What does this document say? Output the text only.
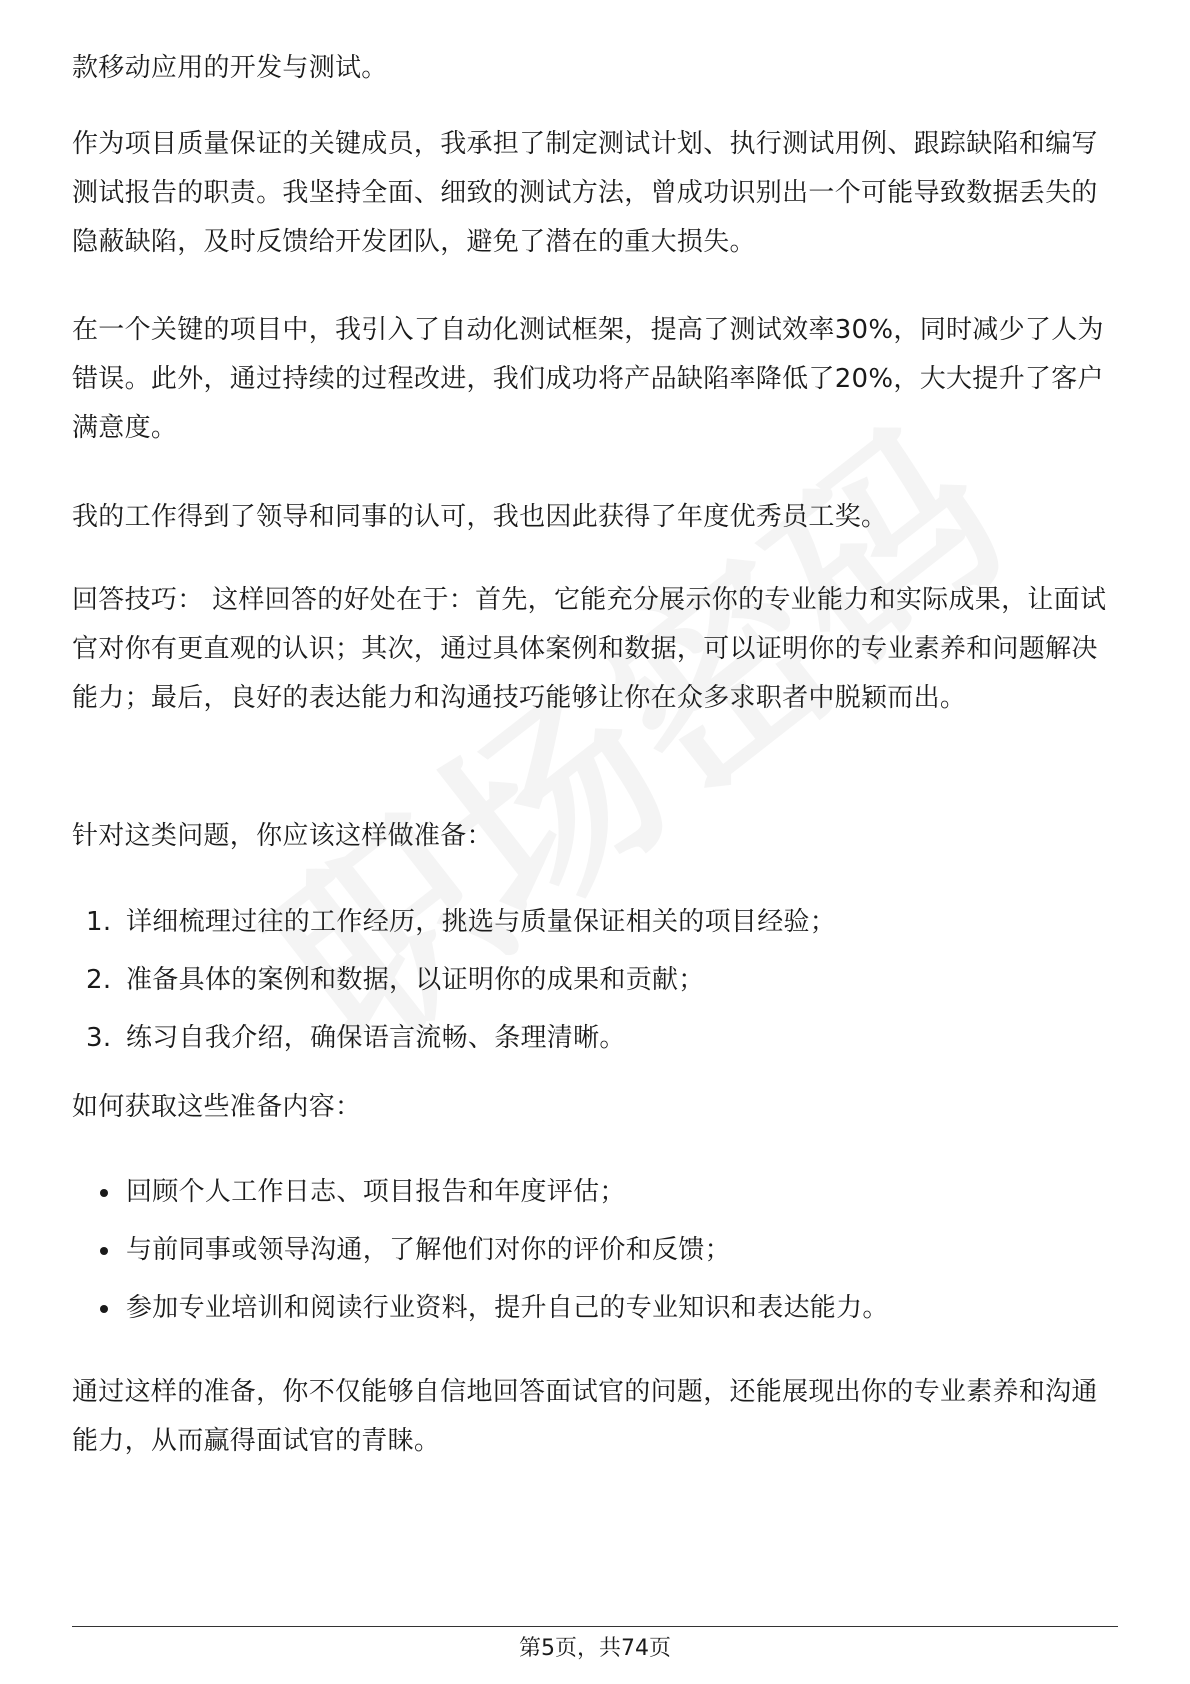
款移动应用的开发与测试。

作为项目质量保证的关键成员，我承担了制定测试计划、执行测试用例、跟踪缺陷和编写测试报告的职责。我坚持全面、细致的测试方法，曾成功识别出一个可能导致数据丢失的隐蔽缺陷，及时反馈给开发团队，避免了潜在的重大损失。

在一个关键的项目中，我引入了自动化测试框架，提高了测试效率30%，同时减少了人为错误。此外，通过持续的过程改进，我们成功将产品缺陷率降低了20%，大大提升了客户满意度。

我的工作得到了领导和同事的认可，我也因此获得了年度优秀员工奖。

回答技巧： 这样回答的好处在于：首先，它能充分展示你的专业能力和实际成果，让面试官对你有更直观的认识；其次，通过具体案例和数据，可以证明你的专业素养和问题解决能力；最后，良好的表达能力和沟通技巧能够让你在众多求职者中脱颖而出。

针对这类问题，你应该这样做准备：

1. 详细梳理过往的工作经历，挑选与质量保证相关的项目经验；
2. 准备具体的案例和数据，以证明你的成果和贡献；
3. 练习自我介绍，确保语言流畅、条理清晰。

如何获取这些准备内容：

回顾个人工作日志、项目报告和年度评估；
与前同事或领导沟通，了解他们对你的评价和反馈；
参加专业培训和阅读行业资料，提升自己的专业知识和表达能力。

通过这样的准备，你不仅能够自信地回答面试官的问题，还能展现出你的专业素养和沟通能力，从而赢得面试官的青睐。

第5页，共74页
